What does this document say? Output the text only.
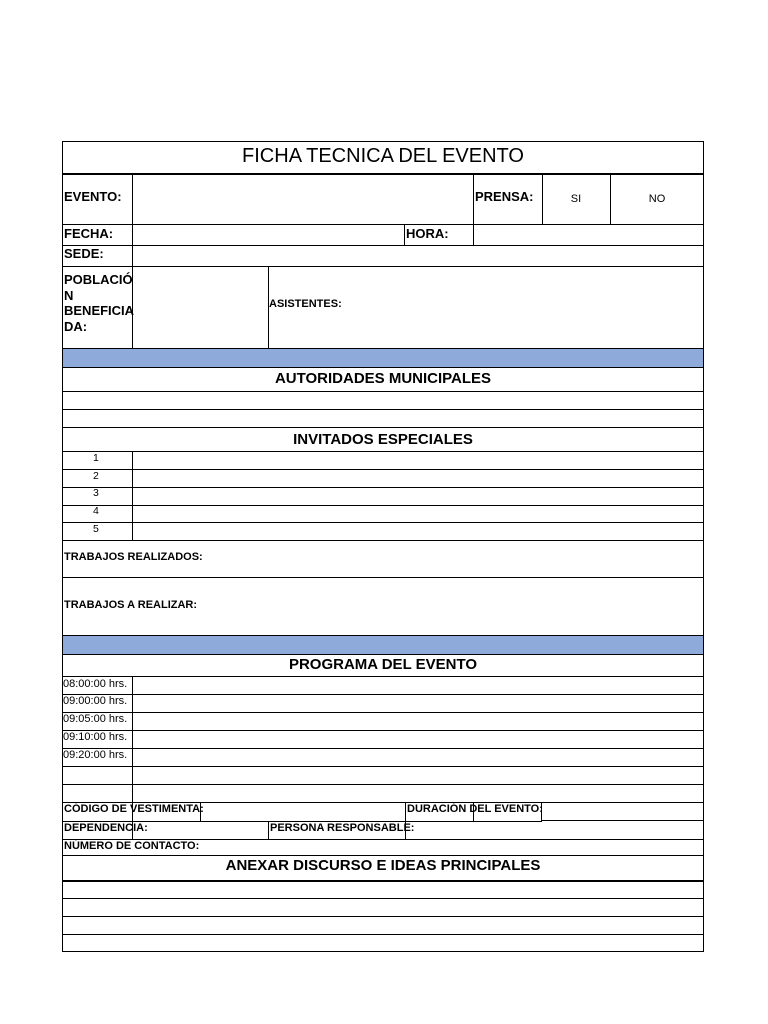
FICHA TECNICA DEL EVENTO
EVENTO:	PRENSA:	SI	NO
FECHA:	HORA:
SEDE:
POBLACIÓ
N
BENEFICIA
DA:
ASISTENTES:
AUTORIDADES MUNICIPALES
INVITADOS ESPECIALES
1
2
3
4
5
TRABAJOS REALIZADOS:
TRABAJOS A REALIZAR:
PROGRAMA DEL EVENTO
08:00:00 hrs.
09:00:00 hrs.
09:05:00 hrs.
09:10:00 hrs.
09:20:00 hrs.
CÓDIGO DE VESTIMENTA:	DURACIÓN DEL EVENTO:
DEPENDENCIA:	PERSONA RESPONSABLE:
NÚMERO DE CONTACTO:
ANEXAR DISCURSO E IDEAS PRINCIPALES
